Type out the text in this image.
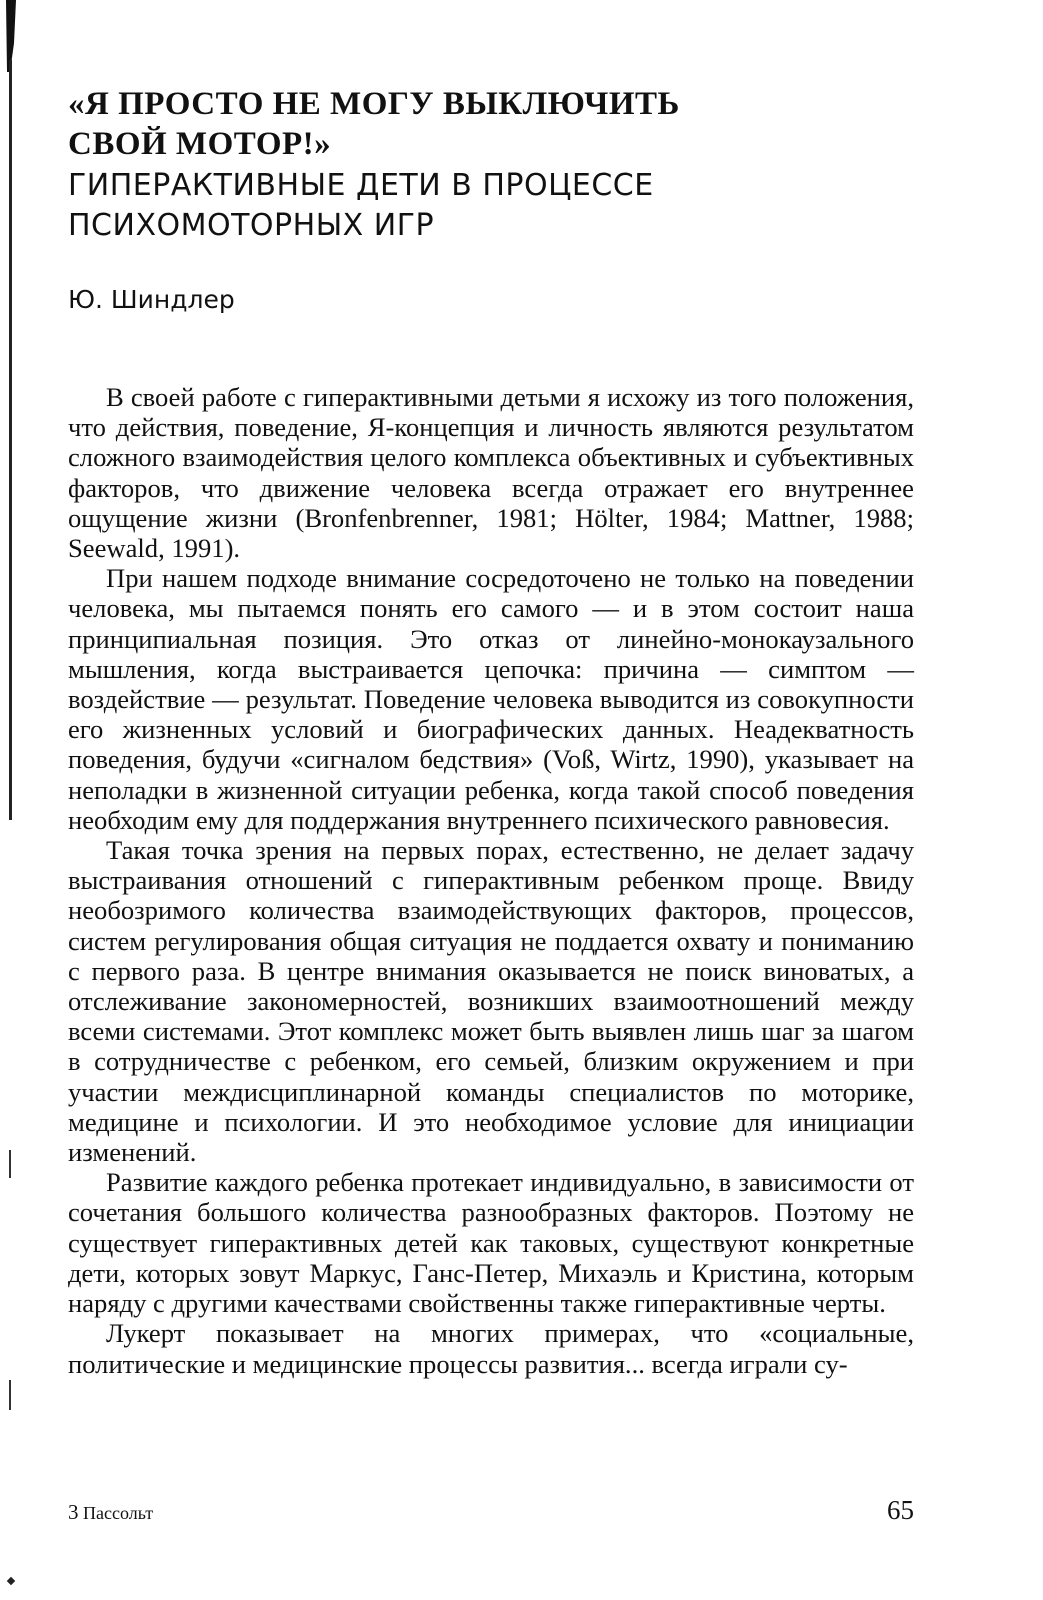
«Я ПРОСТО НЕ МОГУ ВЫКЛЮЧИТЬ
СВОЙ МОТОР!»
ГИПЕРАКТИВНЫЕ ДЕТИ В ПРОЦЕССЕ
ПСИХОМОТОРНЫХ ИГР
Ю. Шиндлер

В своей работе с гиперактивными детьми я исхожу из того положения, что действия, поведение, Я-концепция и личность являются результатом сложного взаимодействия целого комплекса объективных и субъективных факторов, что движение человека всегда отражает его внутреннее ощущение жизни (Bronfenbrenner, 1981; Hölter, 1984; Mattner, 1988; Seewald, 1991).

При нашем подходе внимание сосредоточено не только на поведении человека, мы пытаемся понять его самого — и в этом состоит наша принципиальная позиция. Это отказ от линейно-монокаузального мышления, когда выстраивается цепочка: причина — симптом — воздействие — результат. Поведение человека выводится из совокупности его жизненных условий и биографических данных. Неадекватность поведения, будучи «сигналом бедствия» (Voß, Wirtz, 1990), указывает на неполадки в жизненной ситуации ребенка, когда такой способ поведения необходим ему для поддержания внутреннего психического равновесия.

Такая точка зрения на первых порах, естественно, не делает задачу выстраивания отношений с гиперактивным ребенком проще. Ввиду необозримого количества взаимодействующих факторов, процессов, систем регулирования общая ситуация не поддается охвату и пониманию с первого раза. В центре внимания оказывается не поиск виноватых, а отслеживание закономерностей, возникших взаимоотношений между всеми системами. Этот комплекс может быть выявлен лишь шаг за шагом в сотрудничестве с ребенком, его семьей, близким окружением и при участии междисциплинарной команды специалистов по моторике, медицине и психологии. И это необходимое условие для инициации изменений.

Развитие каждого ребенка протекает индивидуально, в зависимости от сочетания большого количества разнообразных факторов. Поэтому не существует гиперактивных детей как таковых, существуют конкретные дети, которых зовут Маркус, Ганс-Петер, Михаэль и Кристина, которым наряду с другими качествами свойственны также гиперактивные черты.

Лукерт показывает на многих примерах, что «социальные, политические и медицинские процессы развития... всегда играли су-

3 Пассольт	65
